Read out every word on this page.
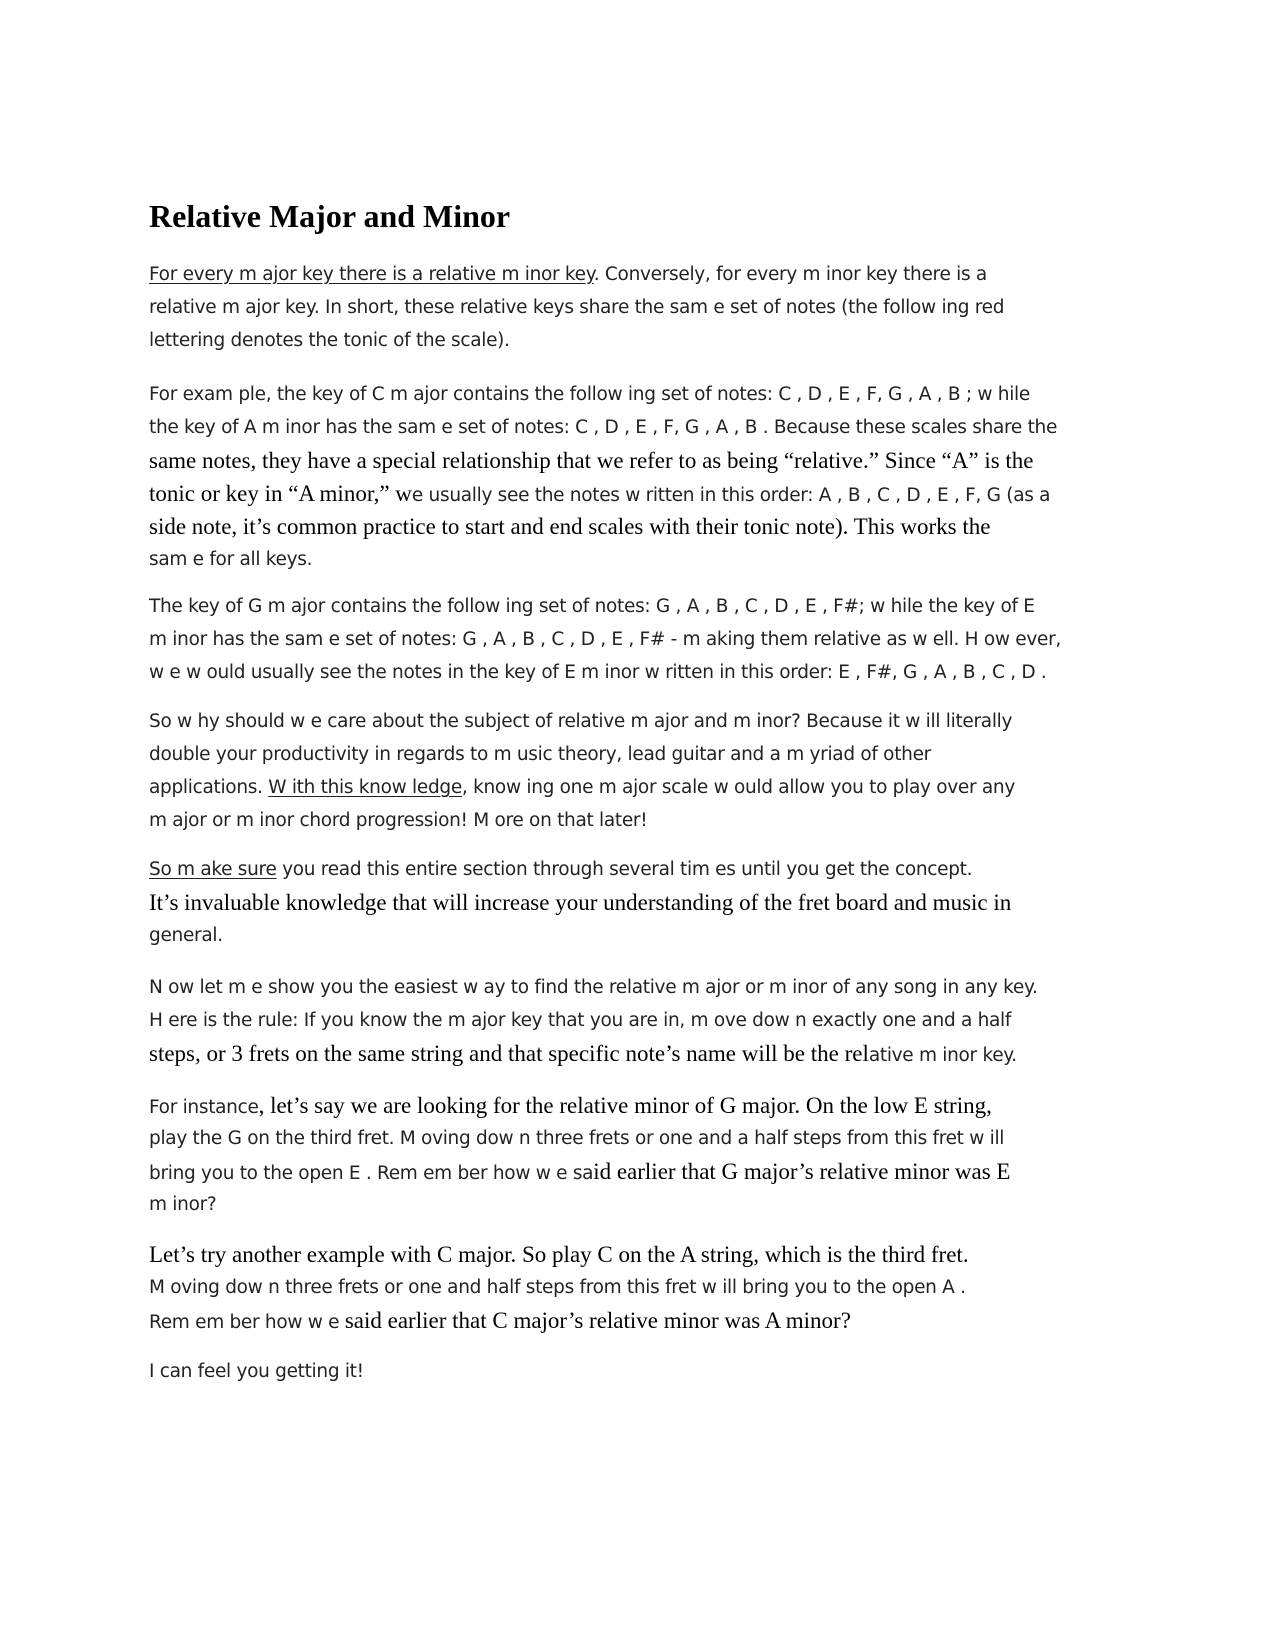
Relative Major and Minor
For every m ajor key there is a relative m inor key. Conversely, for every m inor key there is a
relative m ajor key. In short, these relative keys share the sam e set of notes (the follow ing red
lettering denotes the tonic of the scale).
For exam ple, the key of C m ajor contains the follow ing set of notes: C , D , E , F, G , A , B ; w hile
the key of A m inor has the sam e set of notes: C , D , E , F, G , A , B . Because these scales share the
same notes, they have a special relationship that we refer to as being “relative.” Since “A” is the
tonic or key in “A minor,” we usually see the notes w ritten in this order: A , B , C , D , E , F, G (as a
side note, it’s common practice to start and end scales with their tonic note). This works the
sam e for all keys.
The key of G m ajor contains the follow ing set of notes: G , A , B , C , D , E , F#; w hile the key of E
m inor has the sam e set of notes: G , A , B , C , D , E , F# - m aking them relative as w ell. H ow ever,
w e w ould usually see the notes in the key of E m inor w ritten in this order: E , F#, G , A , B , C , D .
So w hy should w e care about the subject of relative m ajor and m inor? Because it w ill literally
double your productivity in regards to m usic theory, lead guitar and a m yriad of other
applications. W ith this know ledge, know ing one m ajor scale w ould allow you to play over any
m ajor or m inor chord progression! M ore on that later!
So m ake sure you read this entire section through several tim es until you get the concept.
It’s invaluable knowledge that will increase your understanding of the fret board and music in
general.
N ow let m e show you the easiest w ay to find the relative m ajor or m inor of any song in any key.
H ere is the rule: If you know the m ajor key that you are in, m ove dow n exactly one and a half
steps, or 3 frets on the same string and that specific note’s name will be the relative m inor key.
For instance, let’s say we are looking for the relative minor of G major. On the low E string,
play the G on the third fret. M oving dow n three frets or one and a half steps from this fret w ill
bring you to the open E . Rem em ber how w e said earlier that G major’s relative minor was E
m inor?
Let’s try another example with C major. So play C on the A string, which is the third fret.
M oving dow n three frets or one and half steps from this fret w ill bring you to the open A .
Rem em ber how w e said earlier that C major’s relative minor was A minor?
I can feel you getting it!
